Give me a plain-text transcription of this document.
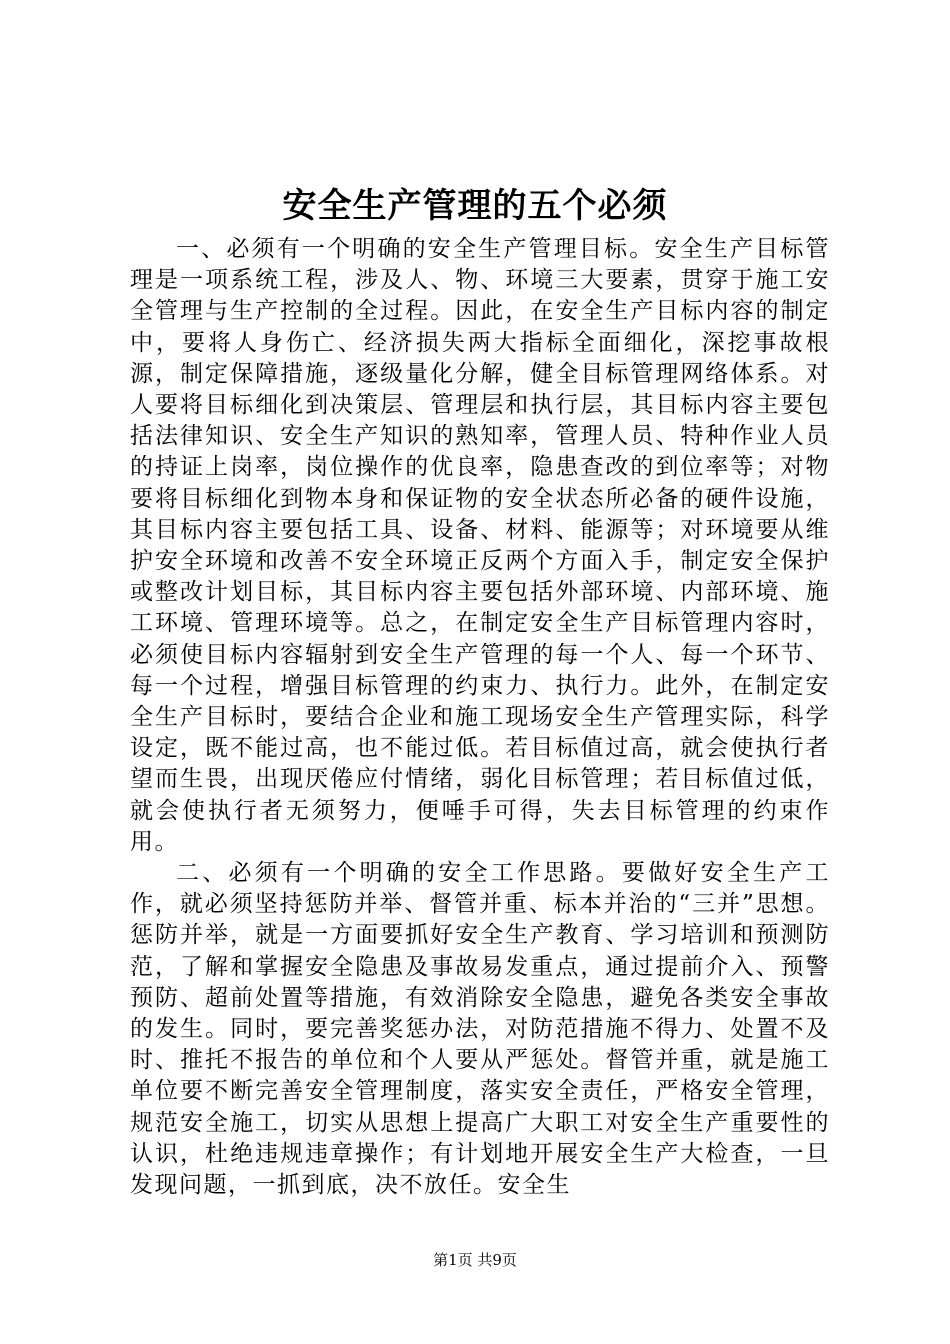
安全生产管理的五个必须

一、必须有一个明确的安全生产管理目标。安全生产目标管理是一项系统工程，涉及人、物、环境三大要素，贯穿于施工安全管理与生产控制的全过程。因此，在安全生产目标内容的制定中，要将人身伤亡、经济损失两大指标全面细化，深挖事故根源，制定保障措施，逐级量化分解，健全目标管理网络体系。对人要将目标细化到决策层、管理层和执行层，其目标内容主要包括法律知识、安全生产知识的熟知率，管理人员、特种作业人员的持证上岗率，岗位操作的优良率，隐患查改的到位率等；对物要将目标细化到物本身和保证物的安全状态所必备的硬件设施，其目标内容主要包括工具、设备、材料、能源等；对环境要从维护安全环境和改善不安全环境正反两个方面入手，制定安全保护或整改计划目标，其目标内容主要包括外部环境、内部环境、施工环境、管理环境等。总之，在制定安全生产目标管理内容时，必须使目标内容辐射到安全生产管理的每一个人、每一个环节、每一个过程，增强目标管理的约束力、执行力。此外，在制定安全生产目标时，要结合企业和施工现场安全生产管理实际，科学设定，既不能过高，也不能过低。若目标值过高，就会使执行者望而生畏，出现厌倦应付情绪，弱化目标管理；若目标值过低，就会使执行者无须努力，便唾手可得，失去目标管理的约束作用。

二、必须有一个明确的安全工作思路。要做好安全生产工作，就必须坚持惩防并举、督管并重、标本并治的“三并”思想。惩防并举，就是一方面要抓好安全生产教育、学习培训和预测防范，了解和掌握安全隐患及事故易发重点，通过提前介入、预警预防、超前处置等措施，有效消除安全隐患，避免各类安全事故的发生。同时，要完善奖惩办法，对防范措施不得力、处置不及时、推托不报告的单位和个人要从严惩处。督管并重，就是施工单位要不断完善安全管理制度，落实安全责任，严格安全管理，规范安全施工，切实从思想上提高广大职工对安全生产重要性的认识，杜绝违规违章操作；有计划地开展安全生产大检查，一旦发现问题，一抓到底，决不放任。安全生

第1页 共9页
